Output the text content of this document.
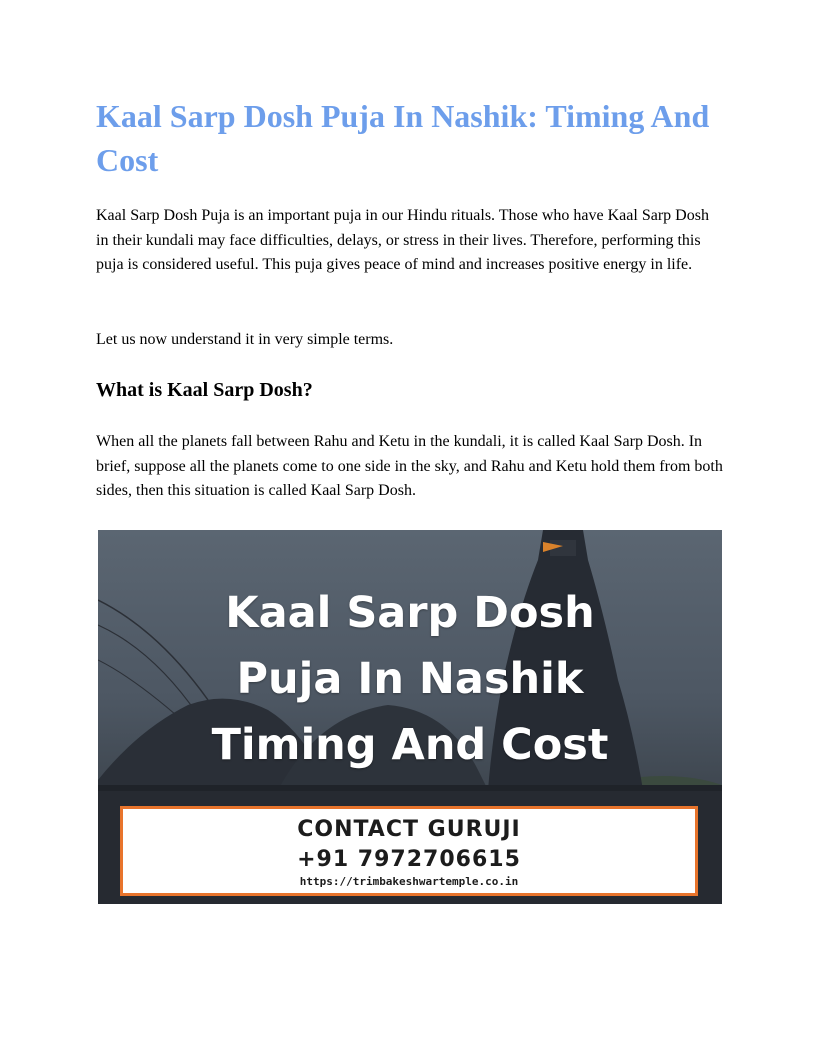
Kaal Sarp Dosh Puja In Nashik: Timing And Cost

Kaal Sarp Dosh Puja is an important puja in our Hindu rituals. Those who have Kaal Sarp Dosh in their kundali may face difficulties, delays, or stress in their lives. Therefore, performing this puja is considered useful. This puja gives peace of mind and increases positive energy in life.

Let us now understand it in very simple terms.

What is Kaal Sarp Dosh?

When all the planets fall between Rahu and Ketu in the kundali, it is called Kaal Sarp Dosh. In brief, suppose all the planets come to one side in the sky, and Rahu and Ketu hold them from both sides, then this situation is called Kaal Sarp Dosh.

Kaal Sarp Dosh
Puja In Nashik
Timing And Cost
CONTACT GURUJI
+91 7972706615
https://trimbakeshwartemple.co.in
